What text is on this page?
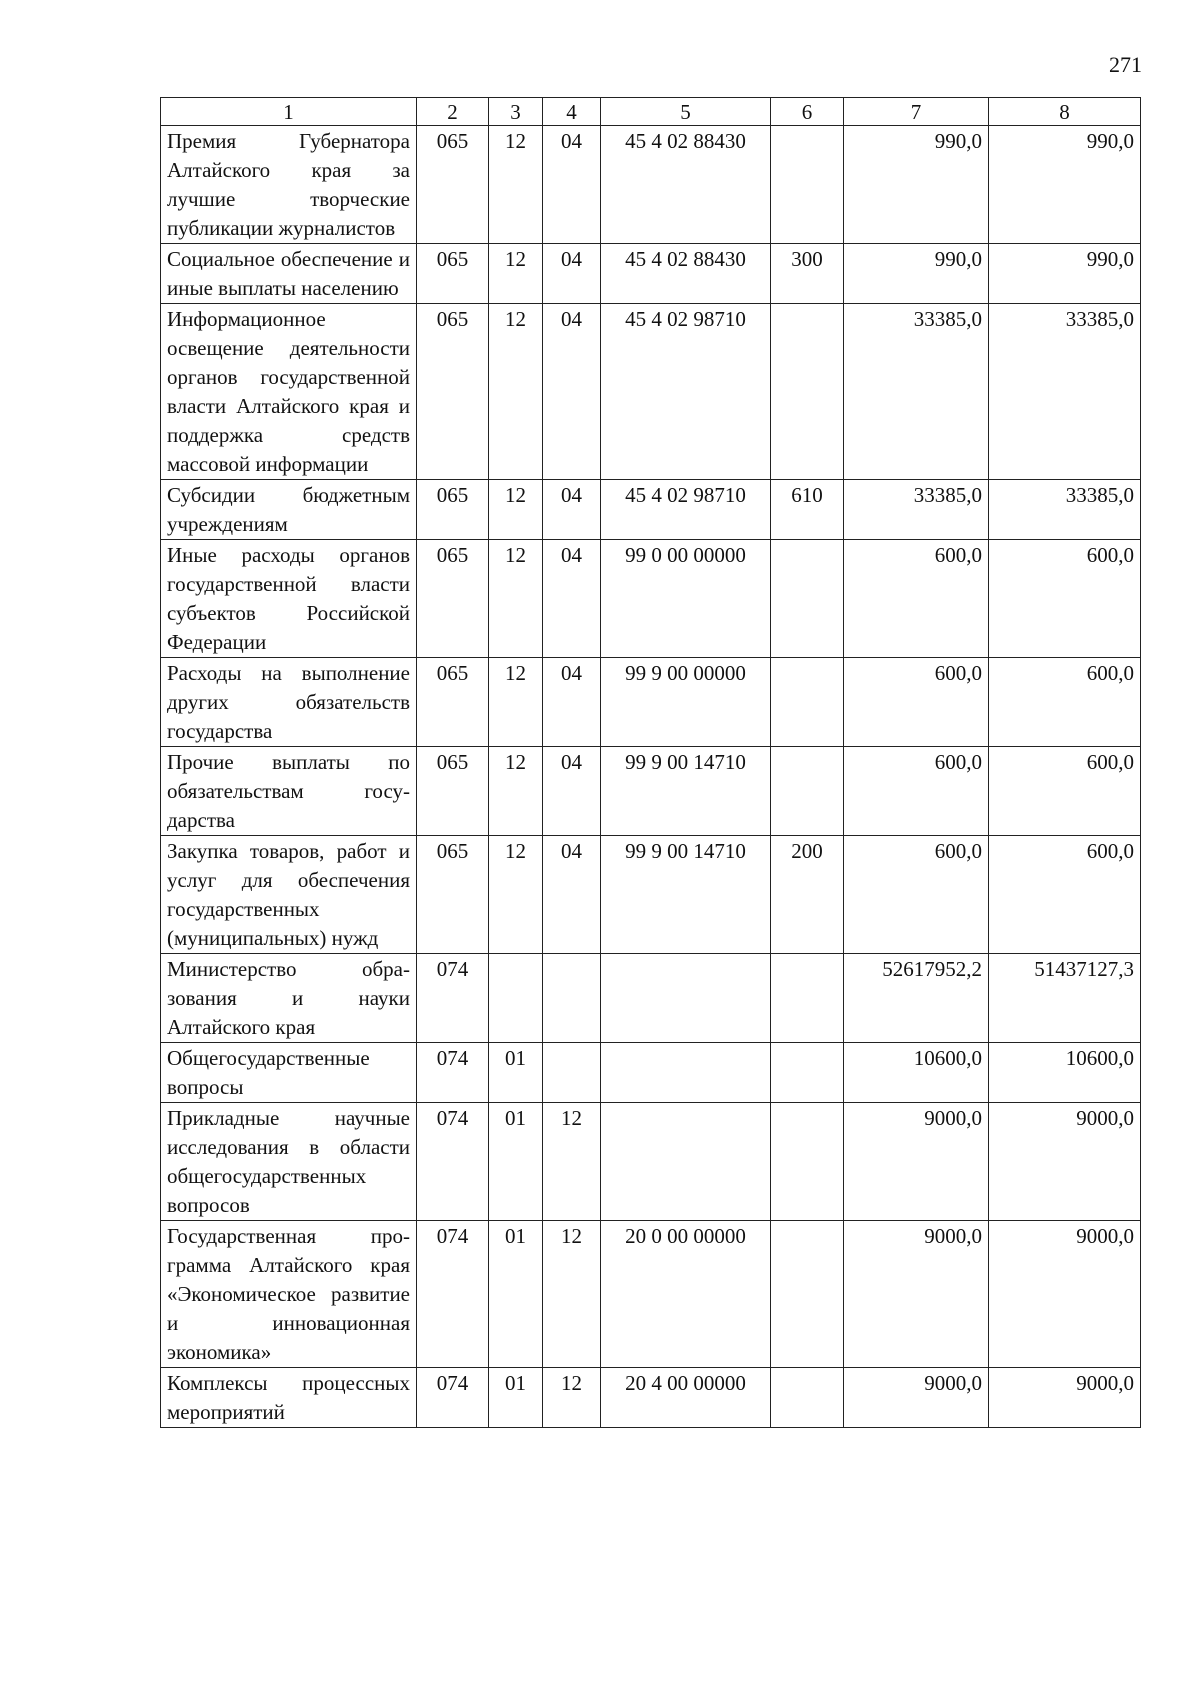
271
1	2	3	4	5	6	7	8
Премия Губернатора Алтайского края за лучшие творческие публикации журналистов	065	12	04	45 4 02 88430		990,0	990,0
Социальное обеспечение и иные выплаты населению	065	12	04	45 4 02 88430	300	990,0	990,0
Информационное освещение деятельности органов государственной власти Алтайского края и поддержка средств массовой информации	065	12	04	45 4 02 98710		33385,0	33385,0
Субсидии бюджетным учреждениям	065	12	04	45 4 02 98710	610	33385,0	33385,0
Иные расходы органов государственной власти субъектов Российской Федерации	065	12	04	99 0 00 00000		600,0	600,0
Расходы на выполнение других обязательств государства	065	12	04	99 9 00 00000		600,0	600,0
Прочие выплаты по обязательствам государства	065	12	04	99 9 00 14710		600,0	600,0
Закупка товаров, работ и услуг для обеспечения государственных (муниципальных) нужд	065	12	04	99 9 00 14710	200	600,0	600,0
Министерство образования и науки Алтайского края	074					52617952,2	51437127,3
Общегосударственные вопросы	074	01				10600,0	10600,0
Прикладные научные исследования в области общегосударственных вопросов	074	01	12			9000,0	9000,0
Государственная программа Алтайского края «Экономическое развитие и инновационная экономика»	074	01	12	20 0 00 00000		9000,0	9000,0
Комплексы процессных мероприятий	074	01	12	20 4 00 00000		9000,0	9000,0
